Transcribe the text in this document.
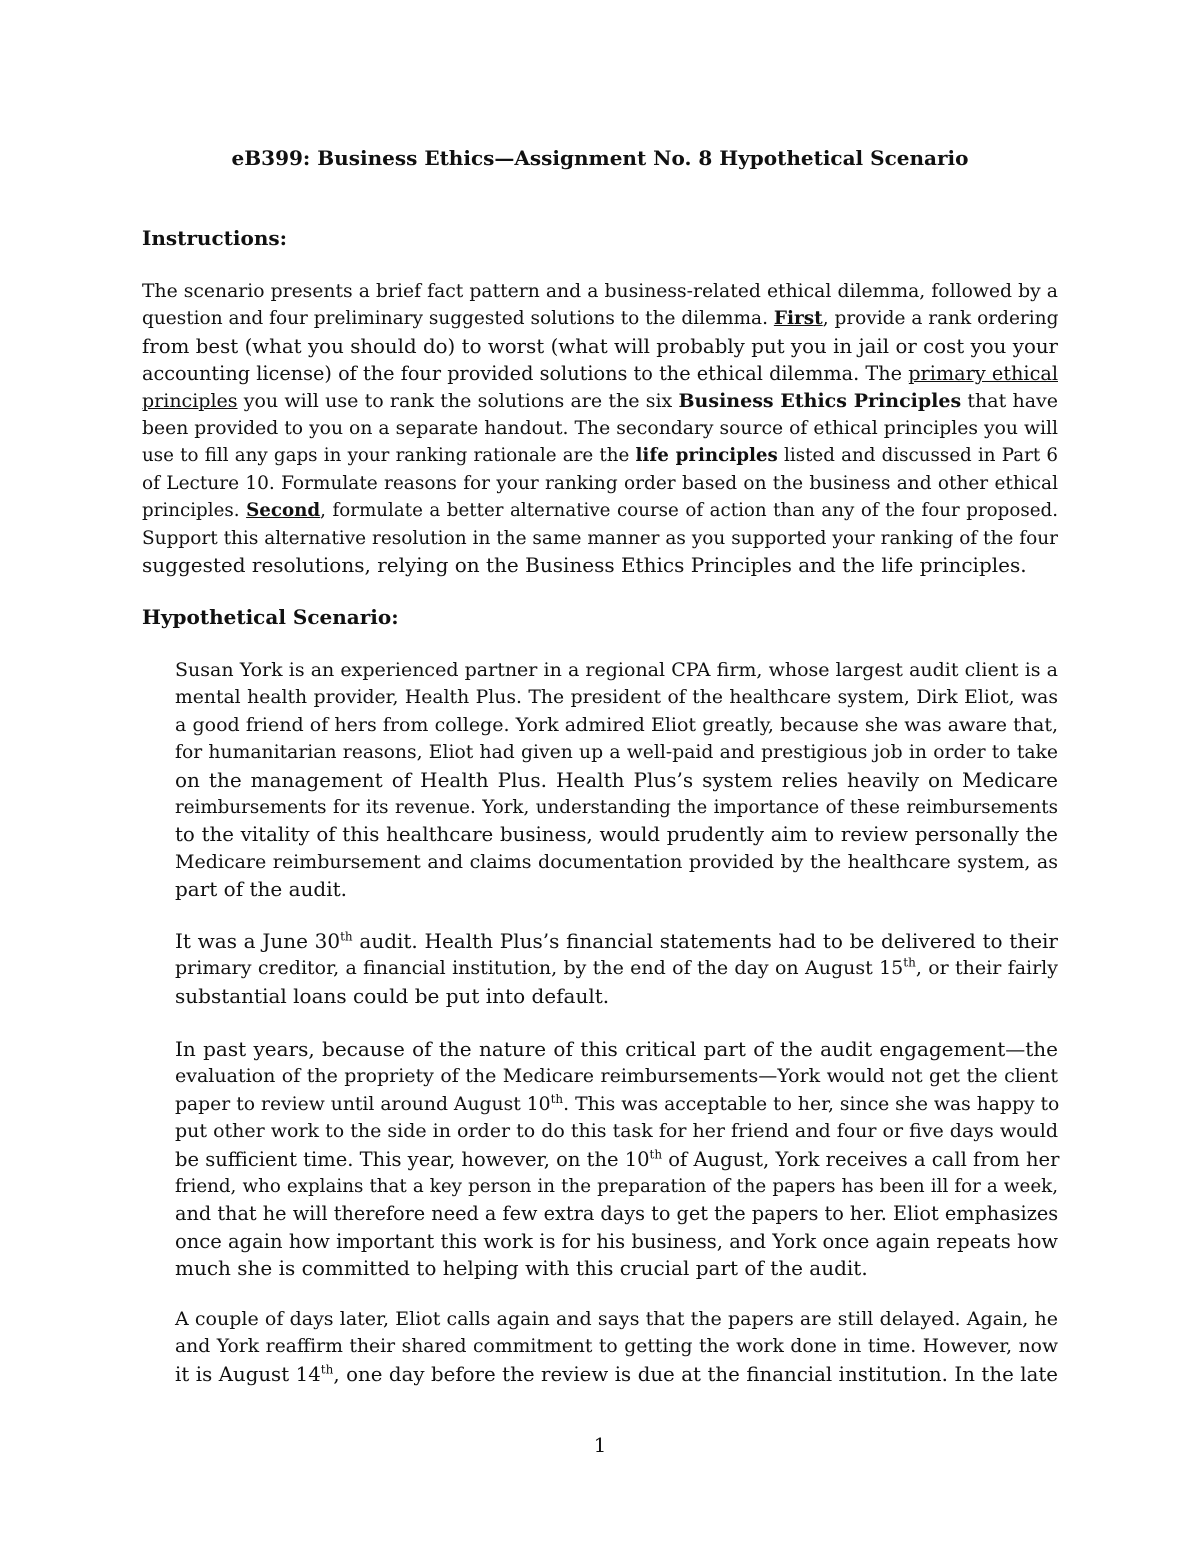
eB399: Business Ethics—Assignment No. 8 Hypothetical Scenario
Instructions:
The scenario presents a brief fact pattern and a business-related ethical dilemma, followed by a
question and four preliminary suggested solutions to the dilemma. First, provide a rank ordering
from best (what you should do) to worst (what will probably put you in jail or cost you your
accounting license) of the four provided solutions to the ethical dilemma. The primary ethical
principles you will use to rank the solutions are the six Business Ethics Principles that have
been provided to you on a separate handout. The secondary source of ethical principles you will
use to fill any gaps in your ranking rationale are the life principles listed and discussed in Part 6
of Lecture 10. Formulate reasons for your ranking order based on the business and other ethical
principles. Second, formulate a better alternative course of action than any of the four proposed.
Support this alternative resolution in the same manner as you supported your ranking of the four
suggested resolutions, relying on the Business Ethics Principles and the life principles.
Hypothetical Scenario:
Susan York is an experienced partner in a regional CPA firm, whose largest audit client is a
mental health provider, Health Plus. The president of the healthcare system, Dirk Eliot, was
a good friend of hers from college. York admired Eliot greatly, because she was aware that,
for humanitarian reasons, Eliot had given up a well-paid and prestigious job in order to take
on the management of Health Plus. Health Plus’s system relies heavily on Medicare
reimbursements for its revenue. York, understanding the importance of these reimbursements
to the vitality of this healthcare business, would prudently aim to review personally the
Medicare reimbursement and claims documentation provided by the healthcare system, as
part of the audit.
It was a June 30th audit. Health Plus’s financial statements had to be delivered to their
primary creditor, a financial institution, by the end of the day on August 15th, or their fairly
substantial loans could be put into default.
In past years, because of the nature of this critical part of the audit engagement—the
evaluation of the propriety of the Medicare reimbursements—York would not get the client
paper to review until around August 10th. This was acceptable to her, since she was happy to
put other work to the side in order to do this task for her friend and four or five days would
be sufficient time. This year, however, on the 10th of August, York receives a call from her
friend, who explains that a key person in the preparation of the papers has been ill for a week,
and that he will therefore need a few extra days to get the papers to her. Eliot emphasizes
once again how important this work is for his business, and York once again repeats how
much she is committed to helping with this crucial part of the audit.
A couple of days later, Eliot calls again and says that the papers are still delayed. Again, he
and York reaffirm their shared commitment to getting the work done in time. However, now
it is August 14th, one day before the review is due at the financial institution. In the late
1
